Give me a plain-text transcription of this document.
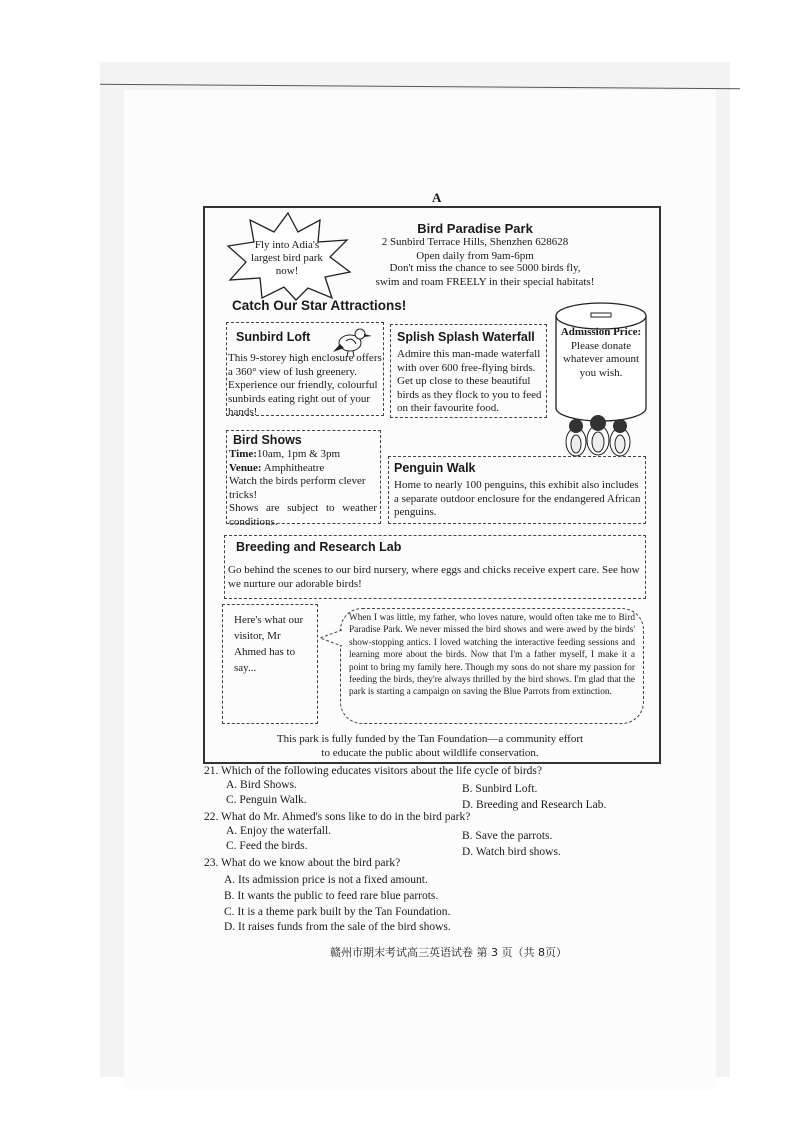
A
Fly into Adia's largest bird park now!
Bird Paradise Park
2 Sunbird Terrace Hills, Shenzhen 628628
Open daily from 9am-6pm
Don't miss the chance to see 5000 birds fly,
swim and roam FREELY in their special habitats!
Catch Our Star Attractions!
Sunbird Loft
This 9-storey high enclosure offers a 360° view of lush greenery. Experience our friendly, colourful sunbirds eating right out of your hands!
Splish Splash Waterfall
Admire this man-made waterfall with over 600 free-flying birds. Get up close to these beautiful birds as they flock to you to feed on their favourite food.
Admission Price:
Please donate whatever amount you wish.
Bird Shows
Time:10am, 1pm & 3pm
Venue: Amphitheatre
Watch the birds perform clever tricks!
Shows are subject to weather conditions.
Penguin Walk
Home to nearly 100 penguins, this exhibit also includes a separate outdoor enclosure for the endangered African penguins.
Breeding and Research Lab
Go behind the scenes to our bird nursery, where eggs and chicks receive expert care. See how we nurture our adorable birds!
Here's what our visitor, Mr Ahmed has to say...
When I was little, my father, who loves nature, would often take me to Bird Paradise Park. We never missed the bird shows and were awed by the birds' show-stopping antics. I loved watching the interactive feeding sessions and learning more about the birds. Now that I'm a father myself, I make it a point to bring my family here. Though my sons do not share my passion for feeding the birds, they're always thrilled by the bird shows. I'm glad that the park is starting a campaign on saving the Blue Parrots from extinction.
This park is fully funded by the Tan Foundation—a community effort
to educate the public about wildlife conservation.
21. Which of the following educates visitors about the life cycle of birds?
A. Bird Shows.	B. Sunbird Loft.
C. Penguin Walk.	D. Breeding and Research Lab.
22. What do Mr. Ahmed's sons like to do in the bird park?
A. Enjoy the waterfall.	B. Save the parrots.
C. Feed the birds.	D. Watch bird shows.
23. What do we know about the bird park?
A. Its admission price is not a fixed amount.
B. It wants the public to feed rare blue parrots.
C. It is a theme park built by the Tan Foundation.
D. It raises funds from the sale of the bird shows.
赣州市期末考试高三英语试卷 第 3 页（共 8页）
